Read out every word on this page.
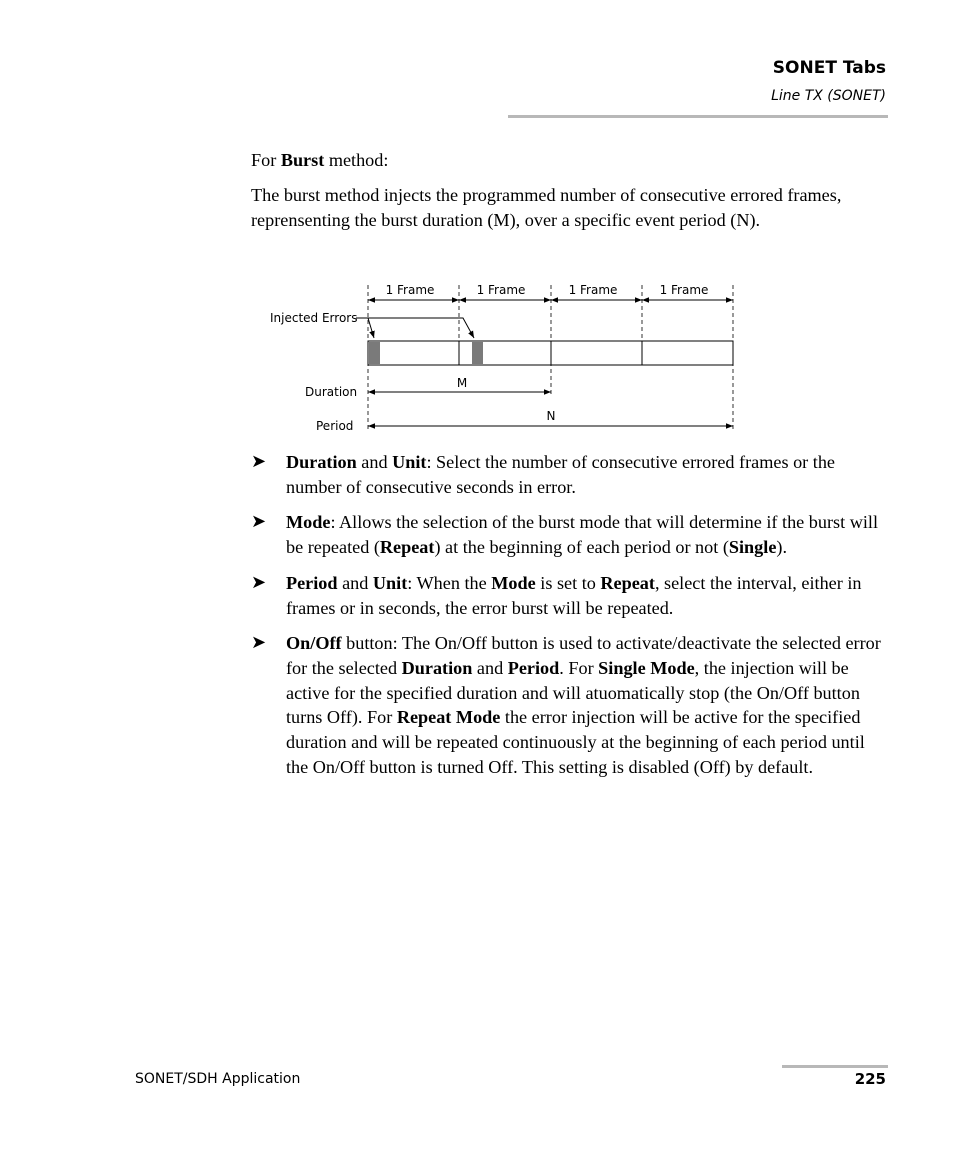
SONET Tabs
Line TX (SONET)

For Burst method:

The burst method injects the programmed number of consecutive errored frames, reprensenting the burst duration (M), over a specific event period (N).

1 Frame	1 Frame	1 Frame	1 Frame
Injected Errors
Duration
M
Period
N
➤ Duration and Unit: Select the number of consecutive errored frames or the number of consecutive seconds in error.
➤ Mode: Allows the selection of the burst mode that will determine if the burst will be repeated (Repeat) at the beginning of each period or not (Single).
➤ Period and Unit: When the Mode is set to Repeat, select the interval, either in frames or in seconds, the error burst will be repeated.
➤ On/Off button: The On/Off button is used to activate/deactivate the selected error for the selected Duration and Period. For Single Mode, the injection will be active for the specified duration and will atuomatically stop (the On/Off button turns Off). For Repeat Mode the error injection will be active for the specified duration and will be repeated continuously at the beginning of each period until the On/Off button is turned Off. This setting is disabled (Off) by default.
SONET/SDH Application	225
